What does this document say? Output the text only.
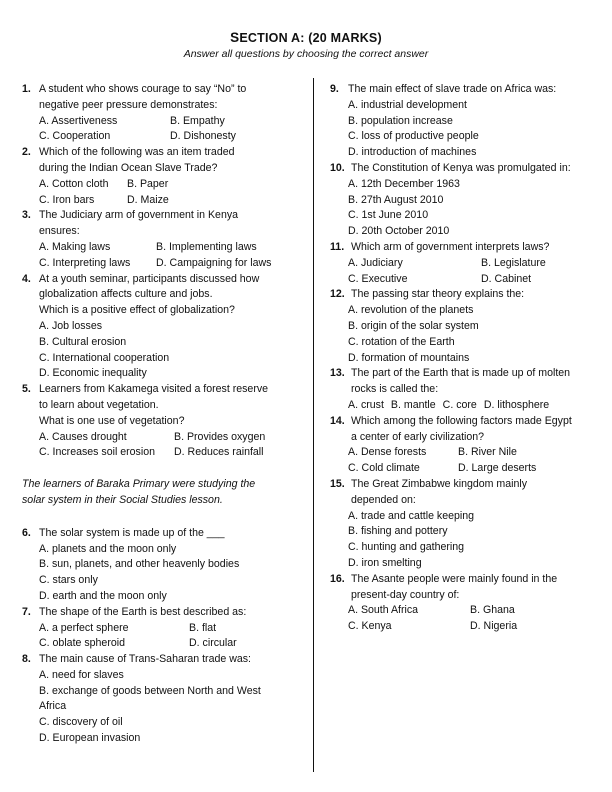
SECTION A: (20 MARKS)
Answer all questions by choosing the correct answer
1. A student who shows courage to say “No” to
negative peer pressure demonstrates:
A. Assertiveness	B. Empathy
C. Cooperation	D. Dishonesty
2. Which of the following was an item traded
during the Indian Ocean Slave Trade?
A. Cotton cloth	B. Paper
C. Iron bars	D. Maize
3. The Judiciary arm of government in Kenya
ensures:
A. Making laws	B. Implementing laws
C. Interpreting laws	D. Campaigning for laws
4. At a youth seminar, participants discussed how
globalization affects culture and jobs.
Which is a positive effect of globalization?
A. Job losses
B. Cultural erosion
C. International cooperation
D. Economic inequality
5. Learners from Kakamega visited a forest reserve
to learn about vegetation.
What is one use of vegetation?
A. Causes drought	B. Provides oxygen
C. Increases soil erosion	D. Reduces rainfall
The learners of Baraka Primary were studying the
solar system in their Social Studies lesson.
6. The solar system is made up of the ___
A. planets and the moon only
B. sun, planets, and other heavenly bodies
C. stars only
D. earth and the moon only
7. The shape of the Earth is best described as:
A. a perfect sphere	B. flat
C. oblate spheroid	D. circular
8. The main cause of Trans-Saharan trade was:
A. need for slaves
B. exchange of goods between North and West
Africa
C. discovery of oil
D. European invasion
9. The main effect of slave trade on Africa was:
A. industrial development
B. population increase
C. loss of productive people
D. introduction of machines
10. The Constitution of Kenya was promulgated in:
A. 12th December 1963
B. 27th August 2010
C. 1st June 2010
D. 20th October 2010
11. Which arm of government interprets laws?
A. Judiciary	B. Legislature
C. Executive	D. Cabinet
12. The passing star theory explains the:
A. revolution of the planets
B. origin of the solar system
C. rotation of the Earth
D. formation of mountains
13. The part of the Earth that is made up of molten
rocks is called the:
A. crust B. mantle C. core D. lithosphere
14. Which among the following factors made Egypt
a center of early civilization?
A. Dense forests	B. River Nile
C. Cold climate	D. Large deserts
15. The Great Zimbabwe kingdom mainly
depended on:
A. trade and cattle keeping
B. fishing and pottery
C. hunting and gathering
D. iron smelting
16. The Asante people were mainly found in the
present-day country of:
A. South Africa	B. Ghana
C. Kenya	D. Nigeria
